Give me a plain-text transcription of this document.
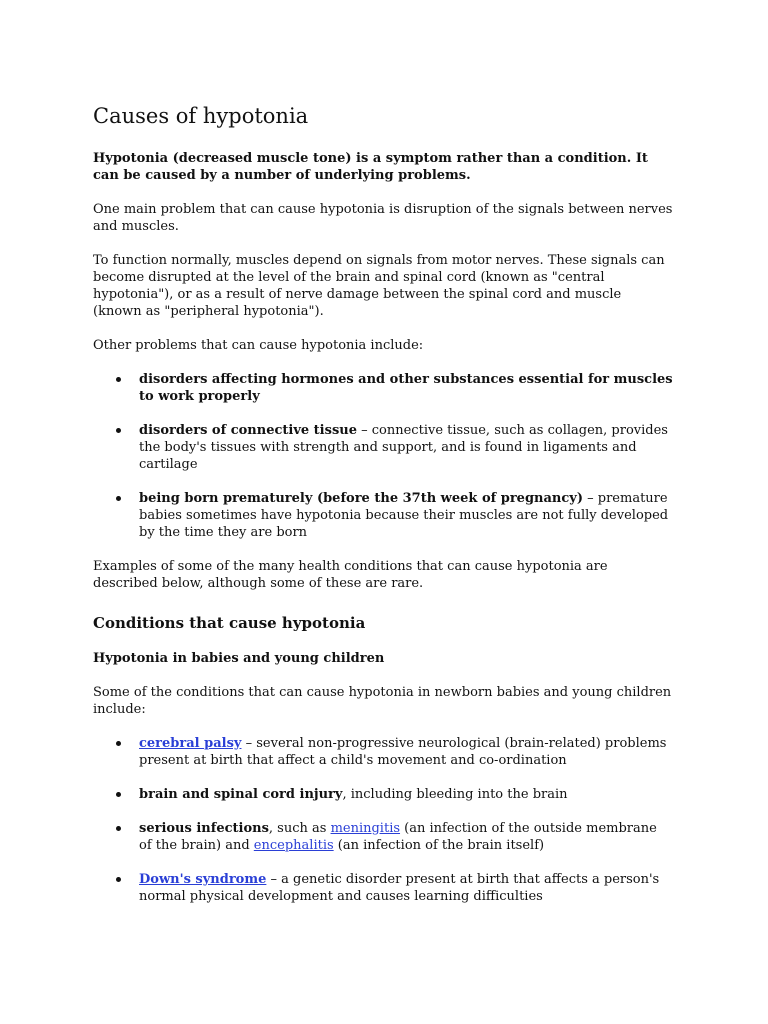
Causes of hypotonia

Hypotonia (decreased muscle tone) is a symptom rather than a condition. It can be caused by a number of underlying problems.

One main problem that can cause hypotonia is disruption of the signals between nerves and muscles.

To function normally, muscles depend on signals from motor nerves. These signals can become disrupted at the level of the brain and spinal cord (known as "central hypotonia"), or as a result of nerve damage between the spinal cord and muscle (known as "peripheral hypotonia").

Other problems that can cause hypotonia include:

disorders affecting hormones and other substances essential for muscles to work properly
disorders of connective tissue – connective tissue, such as collagen, provides the body's tissues with strength and support, and is found in ligaments and cartilage
being born prematurely (before the 37th week of pregnancy) – premature babies sometimes have hypotonia because their muscles are not fully developed by the time they are born

Examples of some of the many health conditions that can cause hypotonia are described below, although some of these are rare.

Conditions that cause hypotonia
Hypotonia in babies and young children

Some of the conditions that can cause hypotonia in newborn babies and young children include:

cerebral palsy – several non-progressive neurological (brain-related) problems present at birth that affect a child's movement and co-ordination
brain and spinal cord injury, including bleeding into the brain
serious infections, such as meningitis (an infection of the outside membrane of the brain) and encephalitis (an infection of the brain itself)
Down's syndrome – a genetic disorder present at birth that affects a person's normal physical development and causes learning difficulties
